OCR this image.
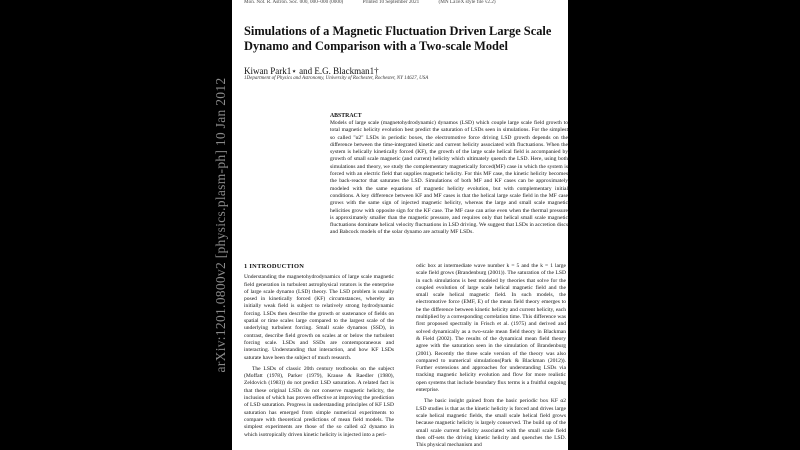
Mon. Not. R. Astron. Soc. 000, 000–000 (0000)	Printed 10 September 2021	(MN LaTeX style file v2.2)
Simulations of a Magnetic Fluctuation Driven Large Scale Dynamo and Comparison with a Two-scale Model
Kiwan Park1⋆ and E.G. Blackman1†
1Department of Physics and Astronomy, University of Rochester, Rochester, NY 14627, USA
ABSTRACT
Models of large scale (magnetohydrodynamic) dynamos (LSD) which couple large scale field growth to total magnetic helicity evolution best predict the saturation of LSDs seen in simulations. For the simplest so called "α2" LSDs in periodic boxes, the electromotive force driving LSD growth depends on the difference between the time-integrated kinetic and current helicity associated with fluctuations. When the system is helically kinetically forced (KF), the growth of the large scale helical field is accompanied by growth of small scale magnetic (and current) helicity which ultimately quench the LSD. Here, using both simulations and theory, we study the complementary magnetically forced(MF) case in which the system is forced with an electric field that supplies magnetic helicity. For this MF case, the kinetic helicity becomes the back-reactor that saturates the LSD. Simulations of both MF and KF cases can be approximately modeled with the same equations of magnetic helicity evolution, but with complementary initial conditions. A key difference between KF and MF cases is that the helical large scale field in the MF case grows with the same sign of injected magnetic helicity, whereas the large and small scale magnetic helicities grow with opposite sign for the KF case. The MF case can arise even when the thermal pressure is approximately smaller than the magnetic pressure, and requires only that helical small scale magnetic fluctuations dominate helical velocity fluctuations in LSD driving. We suggest that LSDs in accretion discs and Babcock models of the solar dynamo are actually MF LSDs.
1 INTRODUCTION

Understanding the magnetohydrodynamics of large scale magnetic field generation in turbulent astrophysical rotators is the enterprise of large scale dynamo (LSD) theory. The LSD problem is usually posed in kinetically forced (KF) circumstances, whereby an initially weak field is subject to relatively strong hydrodynamic forcing. LSDs then describe the growth or sustenance of fields on spatial or time scales large compared to the largest scale of the underlying turbulent forcing. Small scale dynamos (SSD), in contrast, describe field growth on scales at or below the turbulent forcing scale. LSDs and SSDs are contemporaneous and interacting. Understanding that interaction, and how KF LSDs saturate have been the subject of much research.

The LSDs of classic 20th century textbooks on the subject (Moffatt (1978), Parker (1979), Krause & Raedler (1980), Zeldovich (1983)) do not predict LSD saturation. A related fact is that these original LSDs do not conserve magnetic helicity, the inclusion of which has proven effective at improving the prediction of LSD saturation. Progress in understanding principles of KF LSD saturation has emerged from simple numerical experiments to compare with theoretical predictions of mean field models. The simplest experiments are those of the so called α2 dynamo in which isotropically driven kinetic helicity is injected into a peri-

odic box at intermediate wave number k = 5 and the k = 1 large scale field grows (Brandenburg (2001)). The saturation of the LSD in such simulations is best modeled by theories that solve for the coupled evolution of large scale helical magnetic field and the small scale helical magnetic field. In such models, the electromotive force (EMF, E) of the mean field theory emerges to be the difference between kinetic helicity and current helicity, each multiplied by a corresponding correlation time. This difference was first proposed spectrally in Frisch et al. (1975) and derived and solved dynamically as a two-scale mean field theory in Blackman & Field (2002). The results of the dynamical mean field theory agree with the saturation seen in the simulation of Brandenburg (2001). Recently the three scale version of the theory was also compared to numerical simulations(Park & Blackman (2012)). Further extensions and approaches for understanding LSDs via tracking magnetic helicity evolution and flow for more realistic open systems that include boundary flux terms is a fruitful ongoing enterprise.

The basic insight gained from the basic periodic box KF α2 LSD studies is that as the kinetic helicity is forced and drives large scale helical magnetic fields, the small scale helical field grows because magnetic helicity is largely conserved. The build up of the small scale current helicity associated with the small scale field then off-sets the driving kinetic helicity and quenches the LSD. This physical mechanism and

arXiv:1201.0800v2 [physics.plasm-ph] 10 Jan 2012
